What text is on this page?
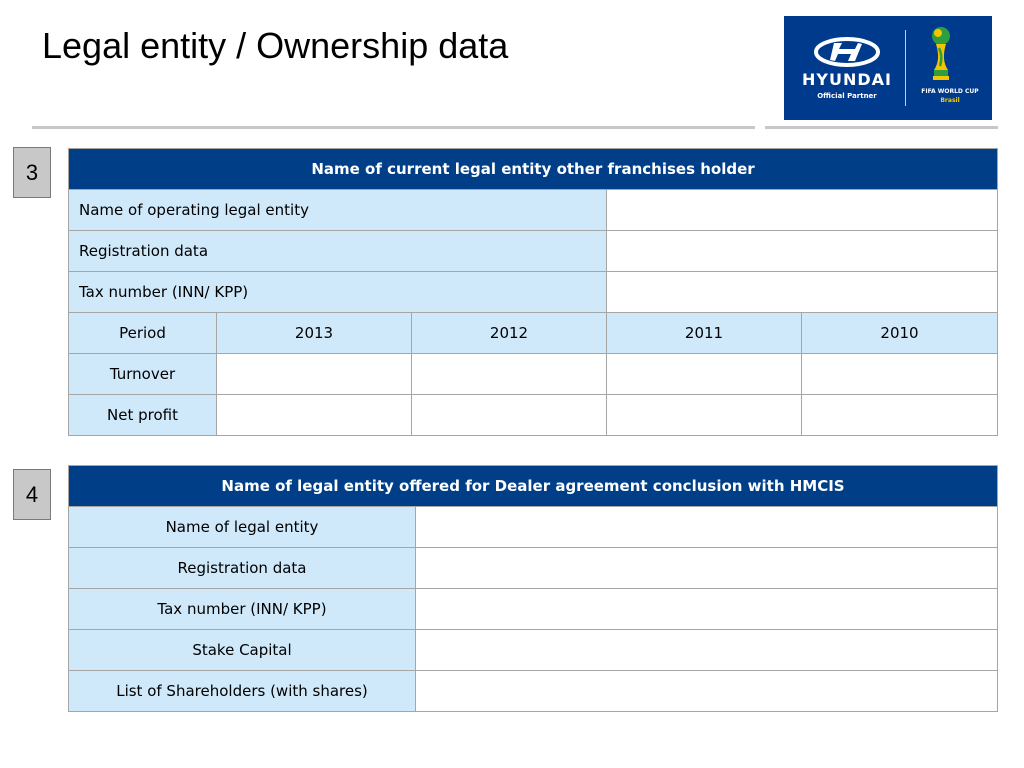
Legal entity / Ownership data
HYUNDAI
Official Partner
FIFA WORLD CUP
Brasil
3	Name of current legal entity other franchises holder				
Name of operating legal entity				
Registration data				
Tax number (INN/ KPP)				
Period	2013	2012	2011	2010
Turnover				
Net profit				
4	Name of legal entity offered for Dealer agreement conclusion with HMCIS	
Name of legal entity	
Registration data	
Tax number (INN/ KPP)	
Stake Capital	
List of Shareholders (with shares)	
